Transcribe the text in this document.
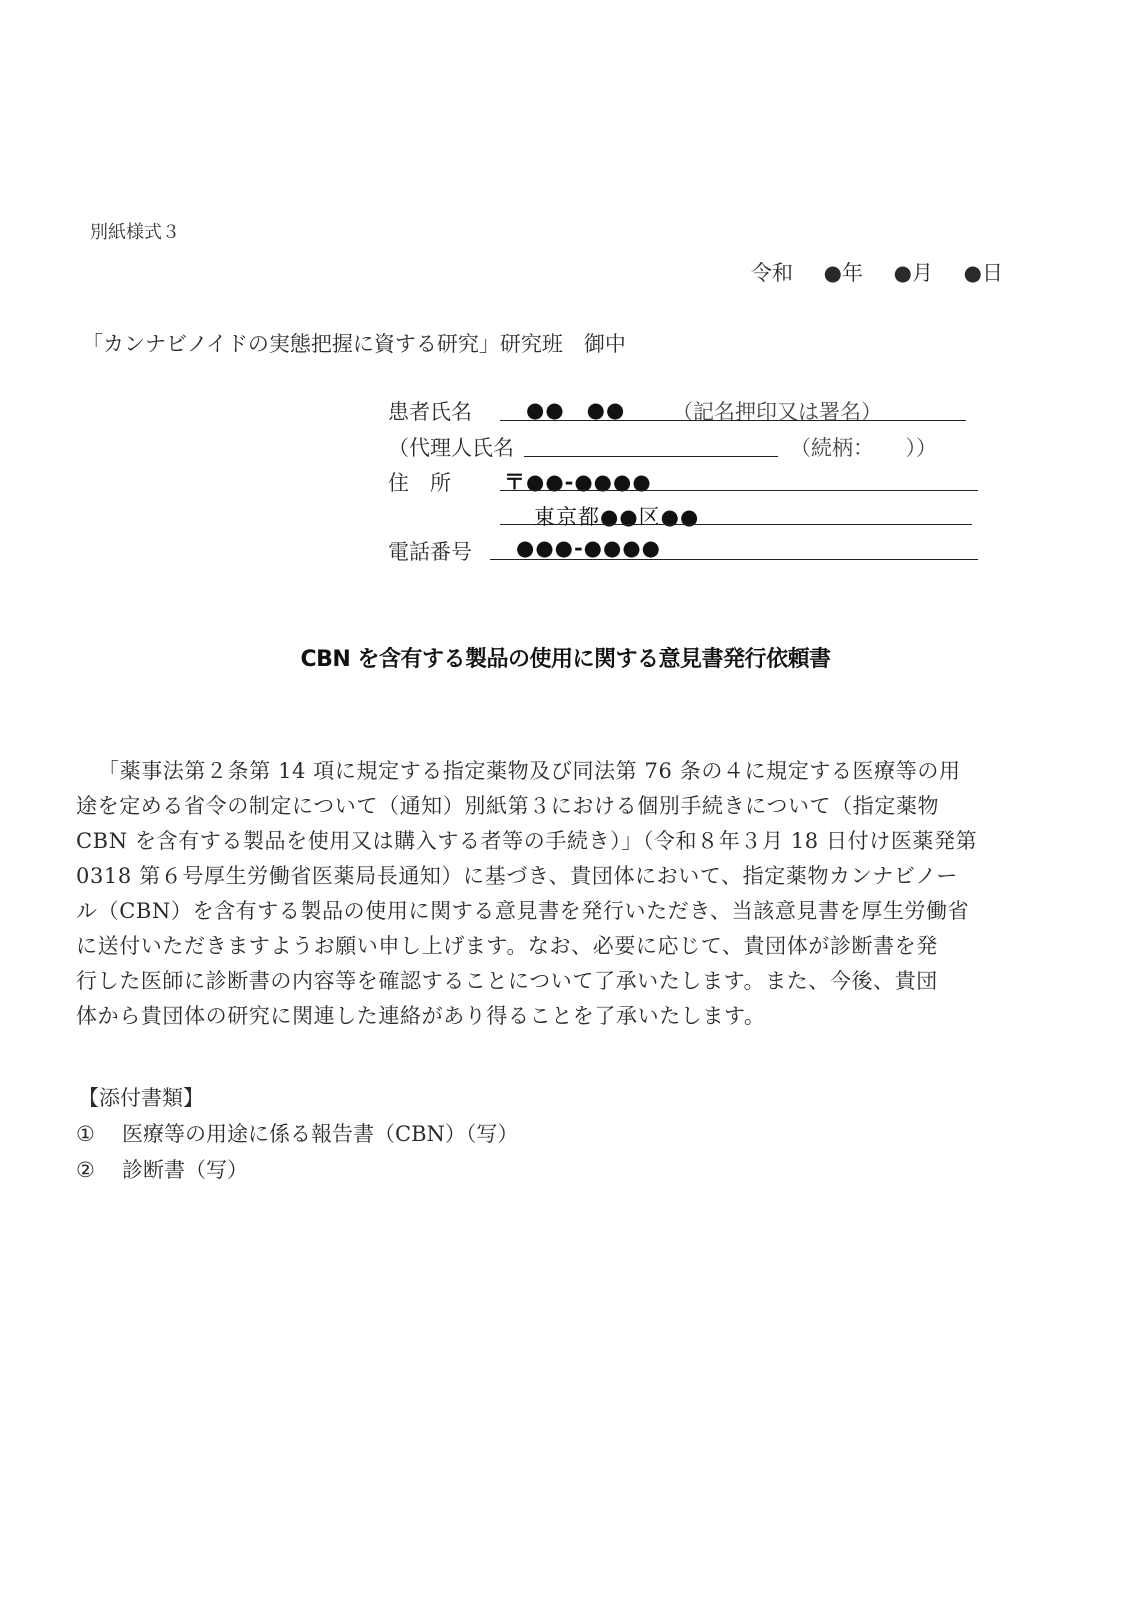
別紙様式３
令和 ●年 ●月 ●日
「カンナビノイドの実態把握に資する研究」研究班　御中
患者氏名	●●　●● （記名押印又は署名）
（代理人氏名	（続柄：　　））
住　所	〒●●-●●●●
東京都●●区●●
電話番号 ●●●-●●●●
CBN を含有する製品の使用に関する意見書発行依頼書
「薬事法第２条第 14 項に規定する指定薬物及び同法第 76 条の４に規定する医療等の用
途を定める省令の制定について（通知）別紙第３における個別手続きについて（指定薬物
CBN を含有する製品を使用又は購入する者等の手続き）」（令和８年３月 18 日付け医薬発第
0318 第６号厚生労働省医薬局長通知）に基づき、貴団体において、指定薬物カンナビノー
ル（CBN）を含有する製品の使用に関する意見書を発行いただき、当該意見書を厚生労働省
に送付いただきますようお願い申し上げます。なお、必要に応じて、貴団体が診断書を発
行した医師に診断書の内容等を確認することについて了承いたします。また、今後、貴団
体から貴団体の研究に関連した連絡があり得ることを了承いたします。
【添付書類】
① 医療等の用途に係る報告書（CBN）（写）
② 診断書（写）
